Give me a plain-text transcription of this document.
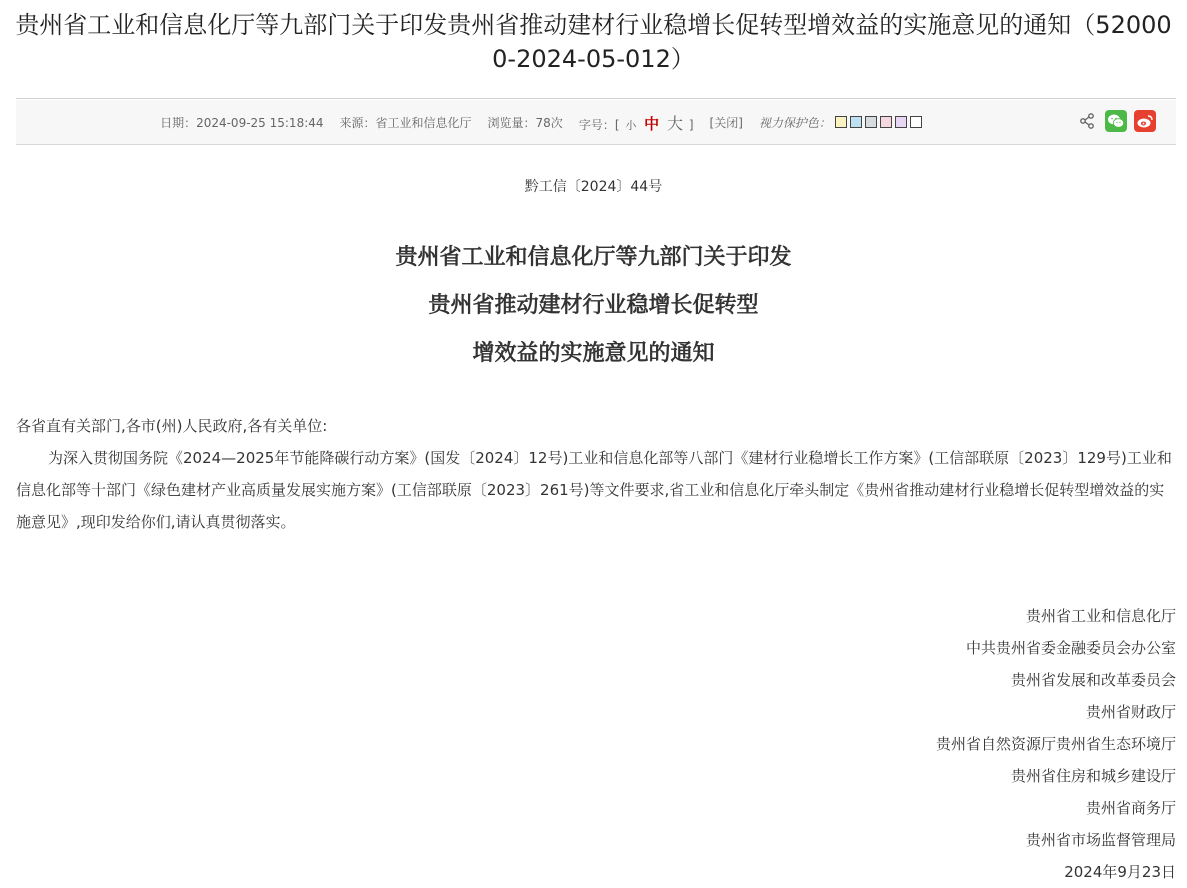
贵州省工业和信息化厅等九部门关于印发贵州省推动建材行业稳增长促转型增效益的实施意见的通知（520000-2024-05-012）
日期：2024-09-25 15:18:44 来源：省工业和信息化厅 浏览量：78次 字号：[ 小 中 大 ] [关闭] 视力保护色：
黔工信〔2024〕44号
贵州省工业和信息化厅等九部门关于印发
贵州省推动建材行业稳增长促转型
增效益的实施意见的通知
各省直有关部门,各市(州)人民政府,各有关单位:
为深入贯彻国务院《2024—2025年节能降碳行动方案》(国发〔2024〕12号)工业和信息化部等八部门《建材行业稳增长工作方案》(工信部联原〔2023〕129号)工业和信息化部等十部门《绿色建材产业高质量发展实施方案》(工信部联原〔2023〕261号)等文件要求,省工业和信息化厅牵头制定《贵州省推动建材行业稳增长促转型增效益的实施意见》,现印发给你们,请认真贯彻落实。
贵州省工业和信息化厅
中共贵州省委金融委员会办公室
贵州省发展和改革委员会
贵州省财政厅
贵州省自然资源厅贵州省生态环境厅
贵州省住房和城乡建设厅
贵州省商务厅
贵州省市场监督管理局
2024年9月23日
